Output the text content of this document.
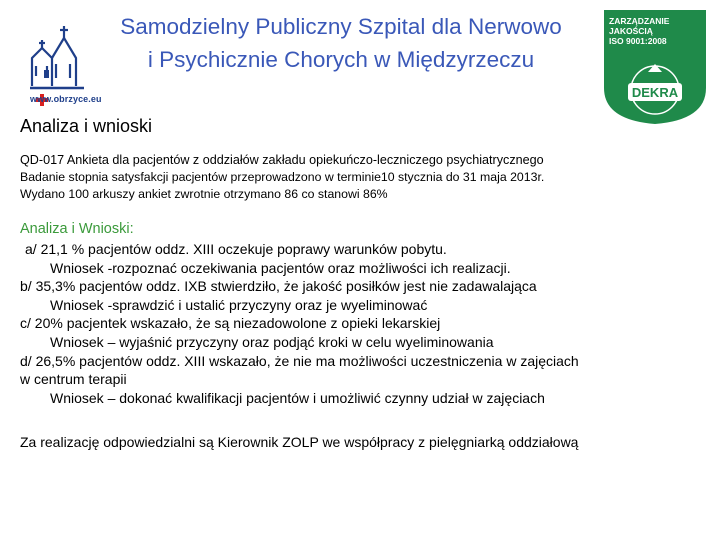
www.obrzyce.eu
Samodzielny Publiczny Szpital dla Nerwowo
i Psychicznie Chorych w Międzyrzeczu
ZARZĄDZANIE
JAKOŚCIĄ
ISO 9001:2008
DEKRA
Analiza i wnioski
QD-017 Ankieta dla pacjentów z oddziałów zakładu opiekuńczo-leczniczego psychiatrycznego
Badanie stopnia satysfakcji pacjentów przeprowadzono w terminie10 stycznia do 31 maja 2013r.
Wydano 100 arkuszy ankiet zwrotnie otrzymano 86 co stanowi 86%
Analiza i Wnioski:
a/ 21,1 % pacjentów oddz. XIII oczekuje poprawy warunków pobytu.
Wniosek -rozpoznać oczekiwania pacjentów oraz możliwości ich realizacji.
b/ 35,3% pacjentów oddz. IXB stwierdziło, że jakość posiłków jest nie zadawalająca
Wniosek -sprawdzić i ustalić przyczyny oraz je wyeliminować
c/ 20% pacjentek wskazało, że są niezadowolone z opieki lekarskiej
Wniosek – wyjaśnić przyczyny oraz podjąć kroki w celu wyeliminowania
d/ 26,5% pacjentów oddz. XIII wskazało, że nie ma możliwości uczestniczenia w zajęciach
w centrum terapii
Wniosek – dokonać kwalifikacji pacjentów i umożliwić czynny udział w zajęciach
Za realizację odpowiedzialni są Kierownik ZOLP we współpracy z pielęgniarką oddziałową
